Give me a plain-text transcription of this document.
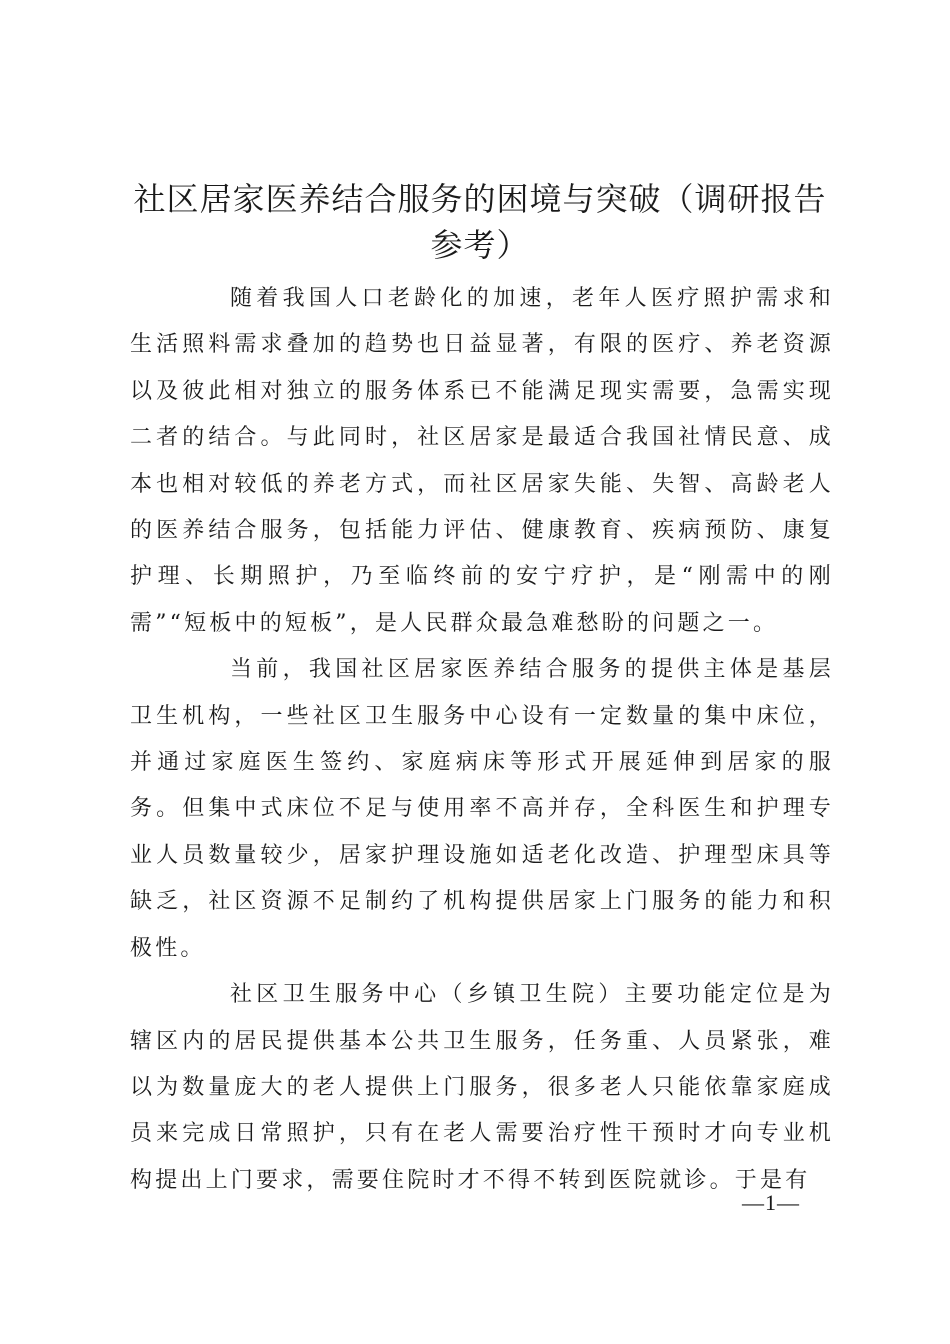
社区居家医养结合服务的困境与突破（调研报告参考）

随着我国人口老龄化的加速，老年人医疗照护需求和生活照料需求叠加的趋势也日益显著，有限的医疗、养老资源以及彼此相对独立的服务体系已不能满足现实需要，急需实现二者的结合。与此同时，社区居家是最适合我国社情民意、成本也相对较低的养老方式，而社区居家失能、失智、高龄老人的医养结合服务，包括能力评估、健康教育、疾病预防、康复护理、长期照护，乃至临终前的安宁疗护，是“刚需中的刚需”“短板中的短板”，是人民群众最急难愁盼的问题之一。

当前，我国社区居家医养结合服务的提供主体是基层卫生机构，一些社区卫生服务中心设有一定数量的集中床位，并通过家庭医生签约、家庭病床等形式开展延伸到居家的服务。但集中式床位不足与使用率不高并存，全科医生和护理专业人员数量较少，居家护理设施如适老化改造、护理型床具等缺乏，社区资源不足制约了机构提供居家上门服务的能力和积极性。

社区卫生服务中心（乡镇卫生院）主要功能定位是为辖区内的居民提供基本公共卫生服务，任务重、人员紧张，难以为数量庞大的老人提供上门服务，很多老人只能依靠家庭成员来完成日常照护，只有在老人需要治疗性干预时才向专业机构提出上门要求，需要住院时才不得不转到医院就诊。于是有

—1—
